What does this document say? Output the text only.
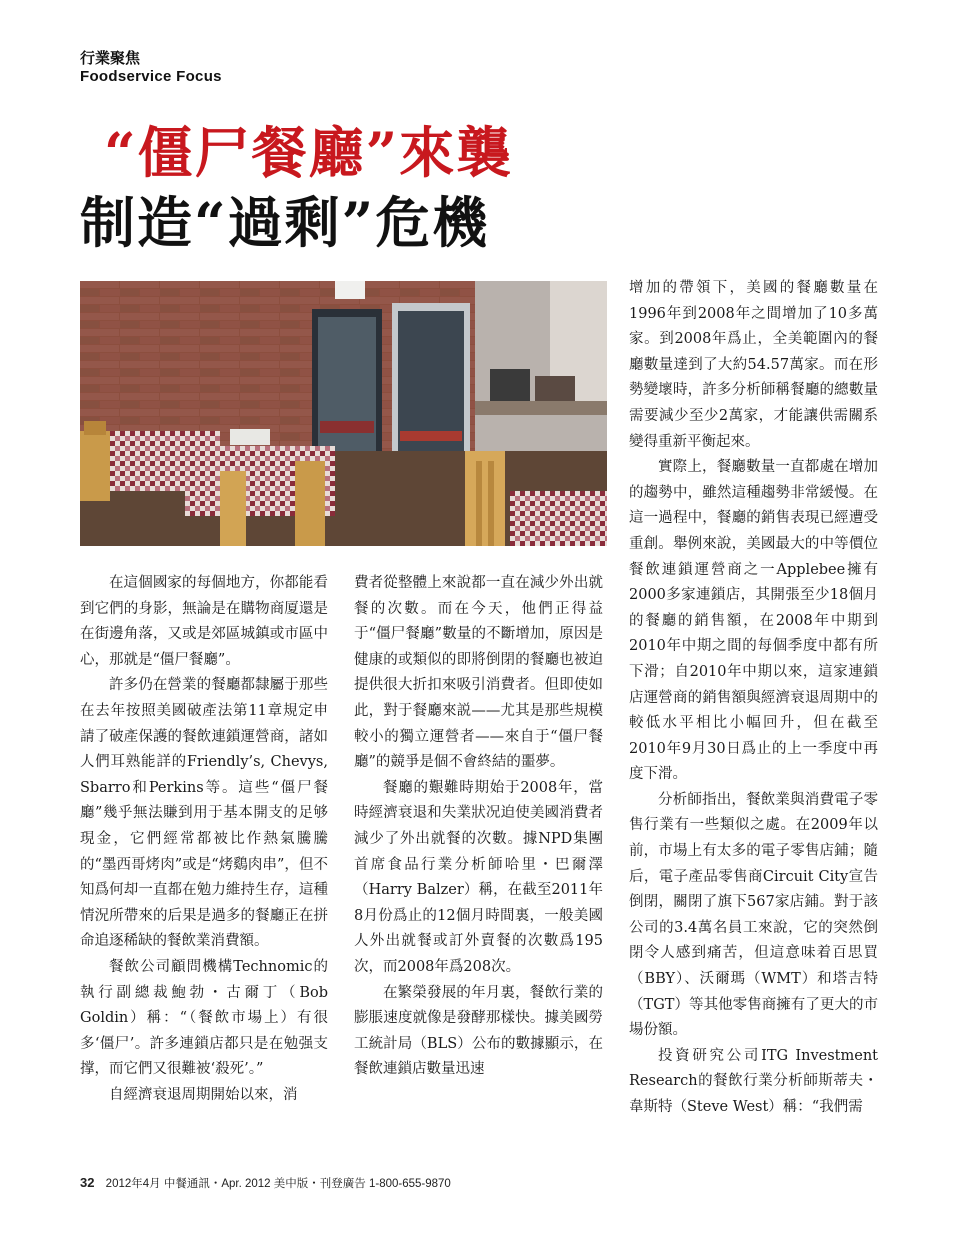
行業聚焦
Foodservice Focus
“僵尸餐廳”來襲
制造“過剩”危機

在這個國家的每個地方，你都能看到它們的身影，無論是在購物商厦還是在街邊角落，又或是郊區城鎮或市區中心，那就是“僵尸餐廳”。

許多仍在營業的餐廳都隸屬于那些在去年按照美國破產法第11章規定申請了破產保護的餐飲連鎖運營商，諸如人們耳熟能詳的Friendly’s, Chevys, Sbarro和Perkins等。這些“僵尸餐廳”幾乎無法賺到用于基本開支的足够現金，它們經常都被比作熱氣騰騰的“墨西哥烤肉”或是“烤鷄肉串”，但不知爲何却一直都在勉力維持生存，這種情況所帶來的后果是過多的餐廳正在拼命追逐稀缺的餐飲業消費額。

餐飲公司顧問機構Technomic的執行副總裁鮑勃・古爾丁（Bob Goldin）稱：“（餐飲市場上）有很多‘僵尸’。許多連鎖店都只是在勉强支撑，而它們又很難被‘殺死’。”

自經濟衰退周期開始以來，消

費者從整體上來說都一直在減少外出就餐的次數。而在今天，他們正得益于“僵尸餐廳”數量的不斷增加，原因是健康的或類似的即將倒閉的餐廳也被迫提供很大折扣來吸引消費者。但即使如此，對于餐廳來説——尤其是那些規模較小的獨立運營者——來自于“僵尸餐廳”的競爭是個不會終結的噩夢。

餐廳的艱難時期始于2008年，當時經濟衰退和失業狀况迫使美國消費者減少了外出就餐的次數。據NPD集團首席食品行業分析師哈里・巴爾澤（Harry Balzer）稱，在截至2011年8月份爲止的12個月時間裏，一般美國人外出就餐或訂外賣餐的次數爲195次，而2008年爲208次。

在繁榮發展的年月裏，餐飲行業的膨脹速度就像是發酵那樣快。據美國勞工統計局（BLS）公布的數據顯示，在餐飲連鎖店數量迅速

增加的帶領下，美國的餐廳數量在1996年到2008年之間增加了10多萬家。到2008年爲止，全美範圍內的餐廳數量達到了大約54.57萬家。而在形勢變壞時，許多分析師稱餐廳的總數量需要減少至少2萬家，才能讓供需關系變得重新平衡起來。

實際上，餐廳數量一直都處在增加的趨勢中，雖然這種趨勢非常緩慢。在這一過程中，餐廳的銷售表現已經遭受重創。舉例來說，美國最大的中等價位餐飲連鎖運營商之一Applebee擁有2000多家連鎖店，其開張至少18個月的餐廳的銷售額，在2008年中期到2010年中期之間的每個季度中都有所下滑；自2010年中期以來，這家連鎖店運營商的銷售額與經濟衰退周期中的較低水平相比小幅回升，但在截至2010年9月30日爲止的上一季度中再度下滑。

分析師指出，餐飲業與消費電子零售行業有一些類似之處。在2009年以前，市場上有太多的電子零售店鋪；隨后，電子產品零售商Circuit City宣告倒閉，關閉了旗下567家店鋪。對于該公司的3.4萬名員工來說，它的突然倒閉令人感到痛苦，但這意味着百思買（BBY）、沃爾瑪（WMT）和塔吉特（TGT）等其他零售商擁有了更大的市場份額。

投資研究公司ITG Investment Research的餐飲行業分析師斯蒂夫・韋斯特（Steve West）稱：“我們需

32 2012年4月 中餐通訊・Apr. 2012 美中版・刊登廣告 1-800-655-9870
